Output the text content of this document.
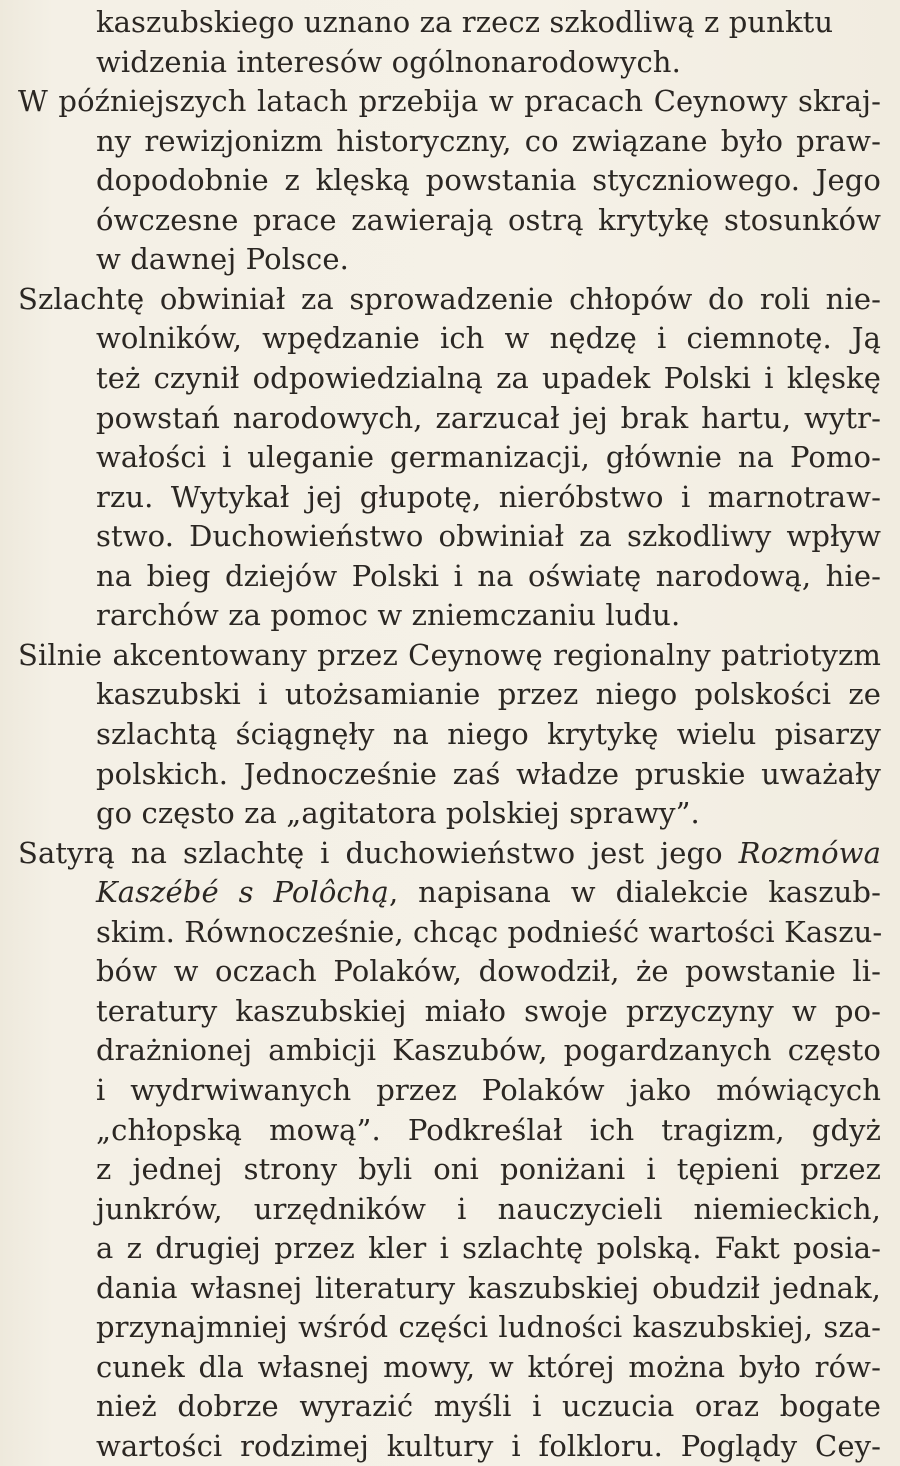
kaszubskiego uznano za rzecz szkodliwą z punktu
widzenia interesów ogólnonarodowych.
W późniejszych latach przebija w pracach Ceynowy skraj-
ny rewizjonizm historyczny, co związane było praw-
dopodobnie z klęską powstania styczniowego. Jego
ówczesne prace zawierają ostrą krytykę stosunków
w dawnej Polsce.
Szlachtę obwiniał za sprowadzenie chłopów do roli nie-
wolników, wpędzanie ich w nędzę i ciemnotę. Ją
też czynił odpowiedzialną za upadek Polski i klęskę
powstań narodowych, zarzucał jej brak hartu, wytr-
wałości i uleganie germanizacji, głównie na Pomo-
rzu. Wytykał jej głupotę, nieróbstwo i marnotraw-
stwo. Duchowieństwo obwiniał za szkodliwy wpływ
na bieg dziejów Polski i na oświatę narodową, hie-
rarchów za pomoc w zniemczaniu ludu.
Silnie akcentowany przez Ceynowę regionalny patriotyzm
kaszubski i utożsamianie przez niego polskości ze
szlachtą ściągnęły na niego krytykę wielu pisarzy
polskich. Jednocześnie zaś władze pruskie uważały
go często za „agitatora polskiej sprawy”.
Satyrą na szlachtę i duchowieństwo jest jego Rozmówa
Kaszébé s Polôchą, napisana w dialekcie kaszub-
skim. Równocześnie, chcąc podnieść wartości Kaszu-
bów w oczach Polaków, dowodził, że powstanie li-
teratury kaszubskiej miało swoje przyczyny w po-
drażnionej ambicji Kaszubów, pogardzanych często
i wydrwiwanych przez Polaków jako mówiących
„chłopską mową”. Podkreślał ich tragizm, gdyż
z jednej strony byli oni poniżani i tępieni przez
junkrów, urzędników i nauczycieli niemieckich,
a z drugiej przez kler i szlachtę polską. Fakt posia-
dania własnej literatury kaszubskiej obudził jednak,
przynajmniej wśród części ludności kaszubskiej, sza-
cunek dla własnej mowy, w której można było rów-
nież dobrze wyrazić myśli i uczucia oraz bogate
wartości rodzimej kultury i folkloru. Poglądy Cey-
